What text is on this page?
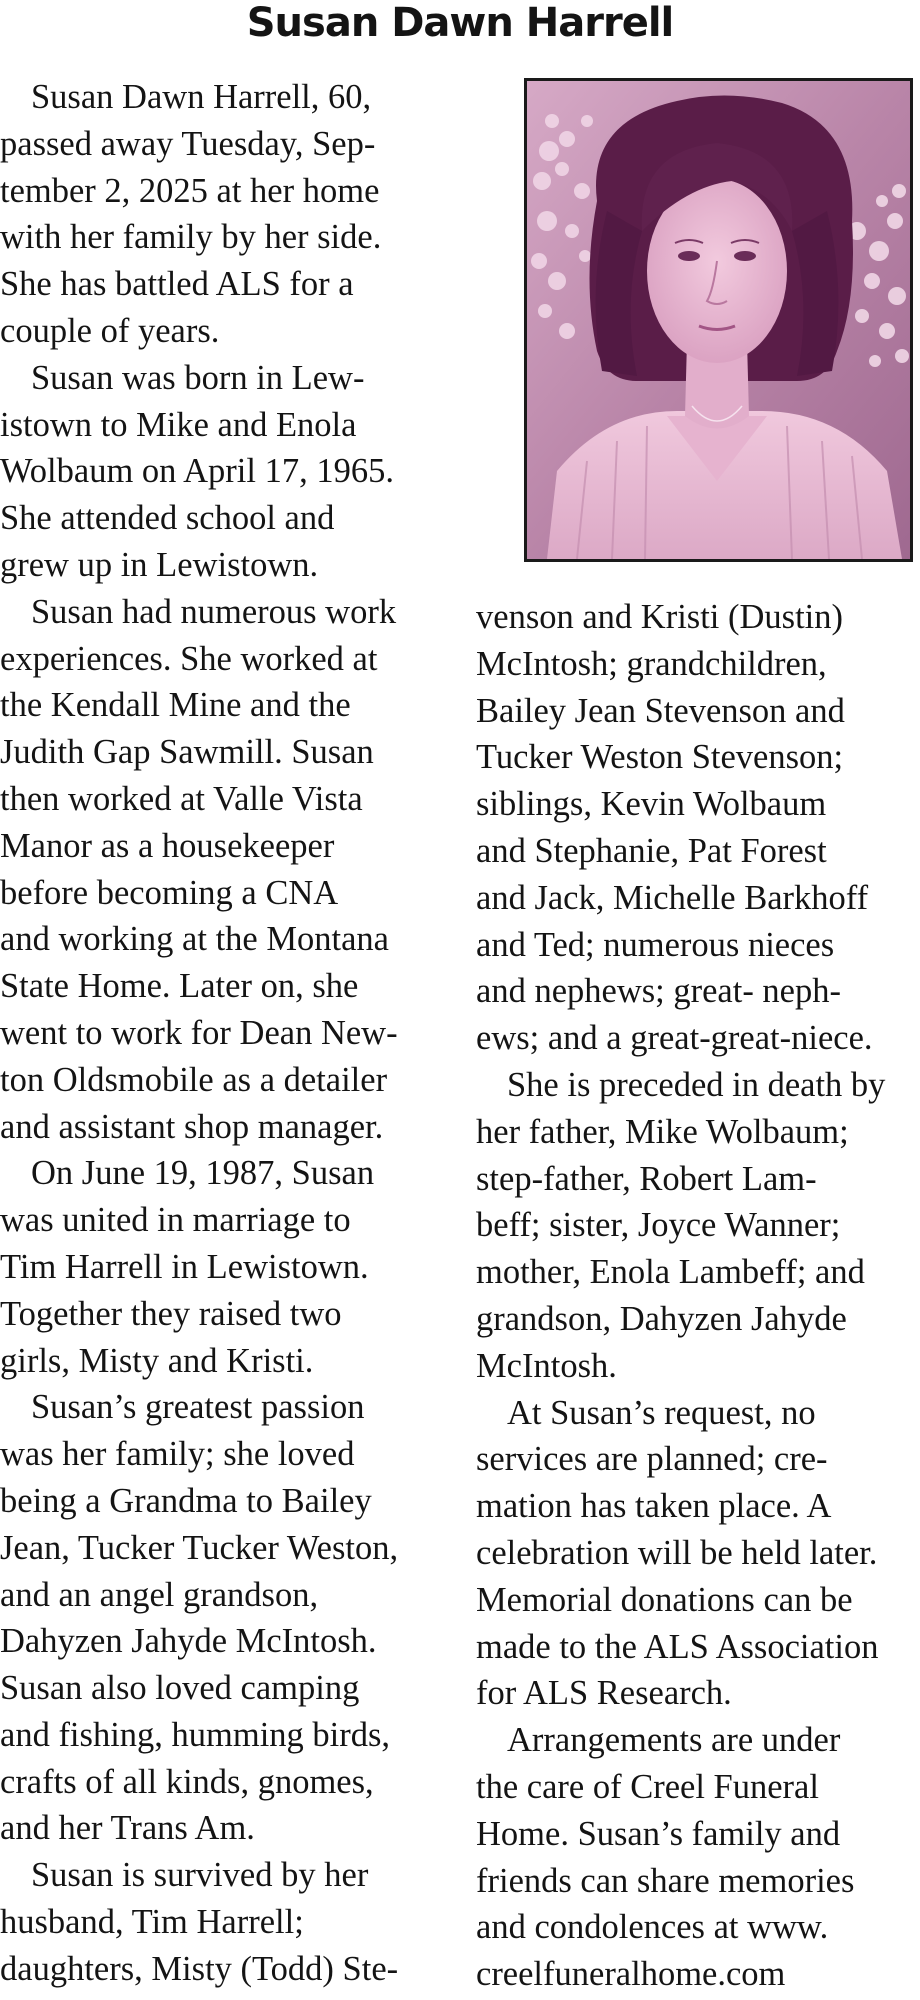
Susan Dawn Harrell
Susan Dawn Harrell, 60,
passed away Tuesday, Sep-
tember 2, 2025 at her home
with her family by her side.
She has battled ALS for a
couple of years.
Susan was born in Lew-
istown to Mike and Enola
Wolbaum on April 17, 1965.
She attended school and
grew up in Lewistown.
Susan had numerous work
experiences. She worked at
the Kendall Mine and the
Judith Gap Sawmill. Susan
then worked at Valle Vista
Manor as a housekeeper
before becoming a CNA
and working at the Montana
State Home. Later on, she
went to work for Dean New-
ton Oldsmobile as a detailer
and assistant shop manager.
On June 19, 1987, Susan
was united in marriage to
Tim Harrell in Lewistown.
Together they raised two
girls, Misty and Kristi.
Susan’s greatest passion
was her family; she loved
being a Grandma to Bailey
Jean, Tucker Tucker Weston,
and an angel grandson,
Dahyzen Jahyde McIntosh.
Susan also loved camping
and fishing, humming birds,
crafts of all kinds, gnomes,
and her Trans Am.
Susan is survived by her
husband, Tim Harrell;
daughters, Misty (Todd) Ste-
venson and Kristi (Dustin)
McIntosh; grandchildren,
Bailey Jean Stevenson and
Tucker Weston Stevenson;
siblings, Kevin Wolbaum
and Stephanie, Pat Forest
and Jack, Michelle Barkhoff
and Ted; numerous nieces
and nephews; great- neph-
ews; and a great-great-niece.
She is preceded in death by
her father, Mike Wolbaum;
step-father, Robert Lam-
beff; sister, Joyce Wanner;
mother, Enola Lambeff; and
grandson, Dahyzen Jahyde
McIntosh.
At Susan’s request, no
services are planned; cre-
mation has taken place. A
celebration will be held later.
Memorial donations can be
made to the ALS Association
for ALS Research.
Arrangements are under
the care of Creel Funeral
Home. Susan’s family and
friends can share memories
and condolences at www.
creelfuneralhome.com
